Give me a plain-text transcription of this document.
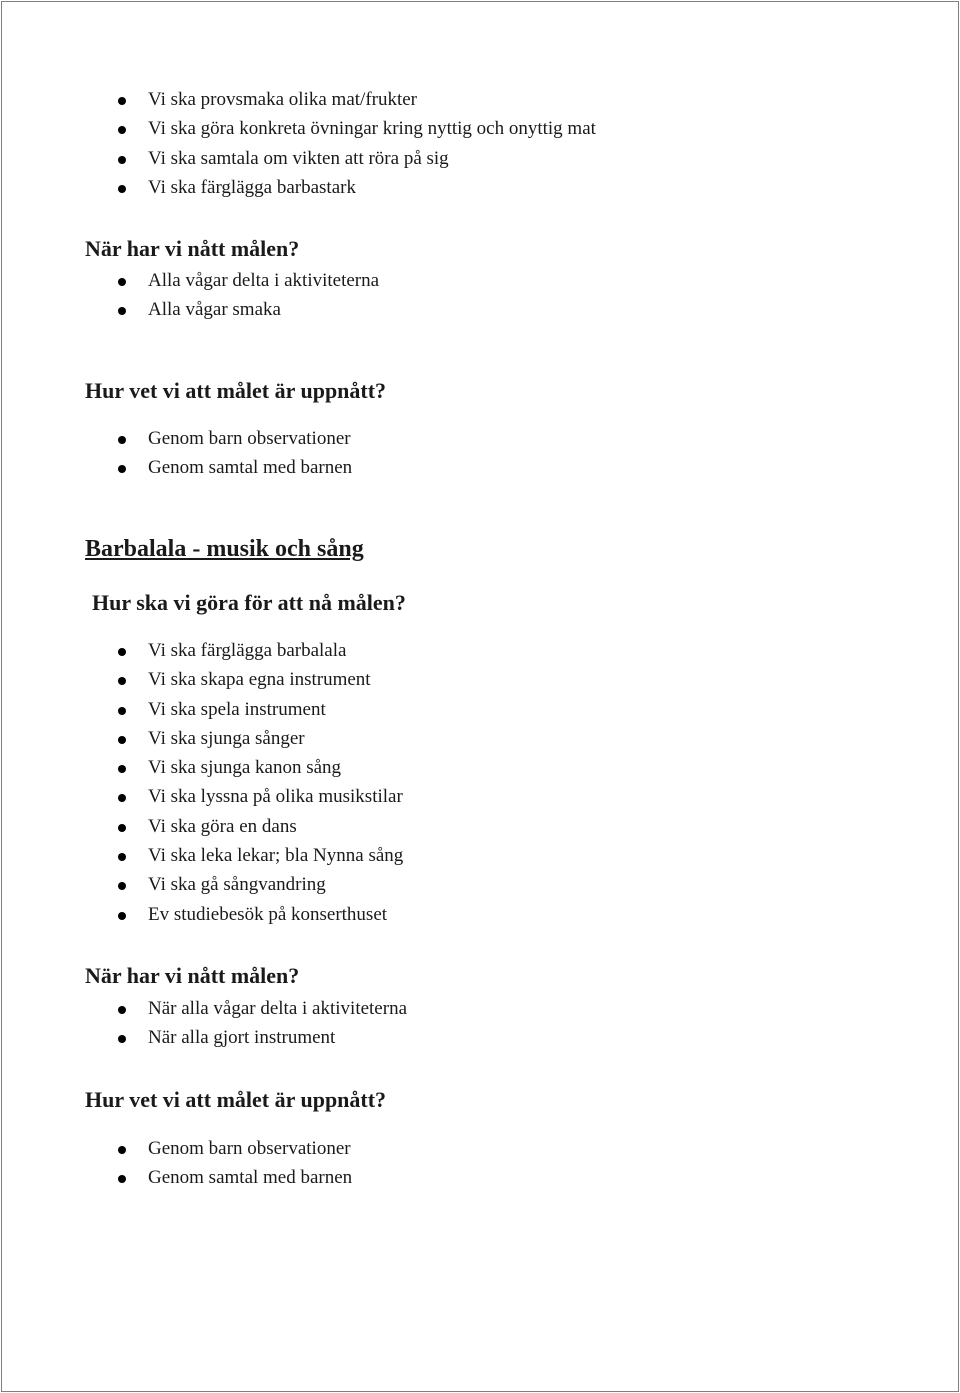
Vi ska provsmaka olika mat/frukter
Vi ska göra konkreta övningar kring nyttig och onyttig mat
Vi ska samtala om vikten att röra på sig
Vi ska färglägga barbastark
När har vi nått målen?
Alla vågar delta i aktiviteterna
Alla vågar smaka
Hur vet vi att målet är uppnått?
Genom barn observationer
Genom samtal med barnen
Barbalala - musik och sång
Hur ska vi göra för att nå målen?
Vi ska färglägga barbalala
Vi ska skapa egna instrument
Vi ska spela instrument
Vi ska sjunga sånger
Vi ska sjunga kanon sång
Vi ska lyssna på olika musikstilar
Vi ska göra en dans
Vi ska leka lekar; bla Nynna sång
Vi ska gå sångvandring
Ev studiebesök på konserthuset
När har vi nått målen?
När alla vågar delta i aktiviteterna
När alla gjort instrument
Hur vet vi att målet är uppnått?
Genom barn observationer
Genom samtal med barnen
